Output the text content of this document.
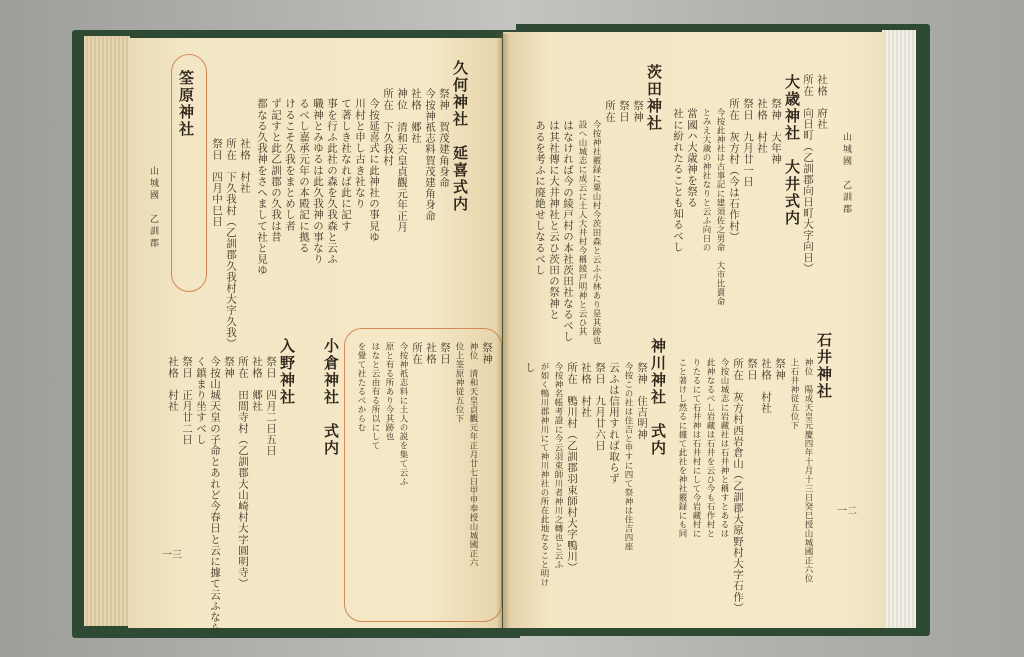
山城國　乙訓郡
筌原神社
祭日　四月中巳日 所在　下久我村（乙訓郡久我村大字久我） 社格　村社 都なる久我神をさへまして社と見ゆ ず記すと此乙訓郡の久我は昔 けるこそ久我をまとめし者 るべし嘉承元年の本殿記に拠る 職神とみゆるは此久我神の事なり 事を行ふ此社の森を久我森と云ふ て著しき社なれば此に記す 川村と申し古き社なり 今按延喜式に此神社の事見ゆ 所在　下久我村 神位　清和天皇貞觀元年正月 社格　郷社 今按神祇志料賀茂建角身命 祭神　賀茂建角身命 久何神社　延喜式内
社格　村社 祭日　正月廿二日 く鎮まり坐すべし 今按山城天皇の子命とあれど今春日と云に據て云ふなら 祭神 所在　田間寺村（乙訓郡大山崎村大字圓明寺） 社格　郷社 祭日　四月二日五日 入野神社 小倉神社　式内 を覺て社たるべからむ はなと云由有る所以にして 原と有る所あり今其跡也 今按神祇志料に土人の説を集て云ふ 所在 社格 祭日 位上筌原神従五位下 神位　清和天皇貞觀元年正月廿七日甲申奉授山城國正六 祭神
一三
山城國　乙訓郡
あるを考ふに廃絶せしなるべし は其社傳に大井神社と云ひ茨田の祭神と はなければ今の綾戸村の本社茨田社なるべし 設へ山城志に成云に土人大井村今稱綾戸明神と云ひ其 今按神社覈録に粟山村今茨田森と云ふ小林あり是其跡也
所在 祭日 祭神 茨田神社
社に紛れたることも知るべし 當國ハ大歳神を祭る とみえ大歳の神社なりと云ふ向日の 今按此神社は古事記に建須佐之男命　大市比賣命 所在　灰方村（今は石作村） 祭日　九月廿一日 社格　村社 祭神　大年神 大歳神社　大井式内 所在　向日町（乙訓郡向日町大字向日） 社格　府社
し が如く鴨川郡神川にて神川神社の所在此地なること明け 今按神名帳考證に今云羽束師川者神川之轉也と云ふ 所在　鴨川村（乙訓郡羽束師村大字鴨川） 社格　村社 祭日　九月廿六日 云ふは信用すれば取らず 今按この社は住吉と申すに四て祭神は住吉四座 祭神　住吉明神 神川神社　式内 こと著けし然るに據て此社を神社覈録にも同 りたるにて石井神は石井村にして今岩藏村に 此神なるべし岩藏は石井を云ひ今も石作村と 今按山城志に岩藏社は石井神と稱すとあるは 所在　灰方村西岩倉山（乙訓郡大原野村大字石作） 祭日 社格　村社 祭神 上石井神従五位下 神位　陽成天皇元慶四年十月十三日癸巳授山城國正六位 石井神社
一二
